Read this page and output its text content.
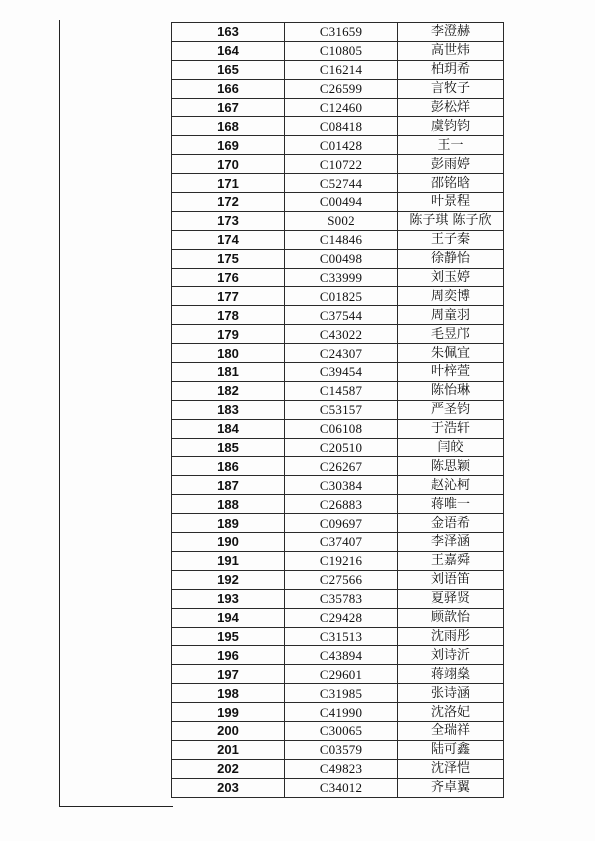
163	C31659	李澄赫
164	C10805	高世炜
165	C16214	柏玥希
166	C26599	言牧子
167	C12460	彭松烊
168	C08418	虞钧钧
169	C01428	王一
170	C10722	彭雨婷
171	C52744	邵铭晗
172	C00494	叶景程
173	S002	陈子琪 陈子欣
174	C14846	王子秦
175	C00498	徐静怡
176	C33999	刘玉婷
177	C01825	周奕博
178	C37544	周童羽
179	C43022	毛昱邝
180	C24307	朱佩宜
181	C39454	叶梓萱
182	C14587	陈怡琳
183	C53157	严圣钧
184	C06108	于浩轩
185	C20510	闫皎
186	C26267	陈思颖
187	C30384	赵沁柯
188	C26883	蒋唯一
189	C09697	金语希
190	C37407	李泽涵
191	C19216	王嘉舜
192	C27566	刘语笛
193	C35783	夏驿贤
194	C29428	顾歆怡
195	C31513	沈雨彤
196	C43894	刘诗沂
197	C29601	蒋翊燊
198	C31985	张诗涵
199	C41990	沈洛妃
200	C30065	全瑞祥
201	C03579	陆可鑫
202	C49823	沈泽恺
203	C34012	齐卓翼
